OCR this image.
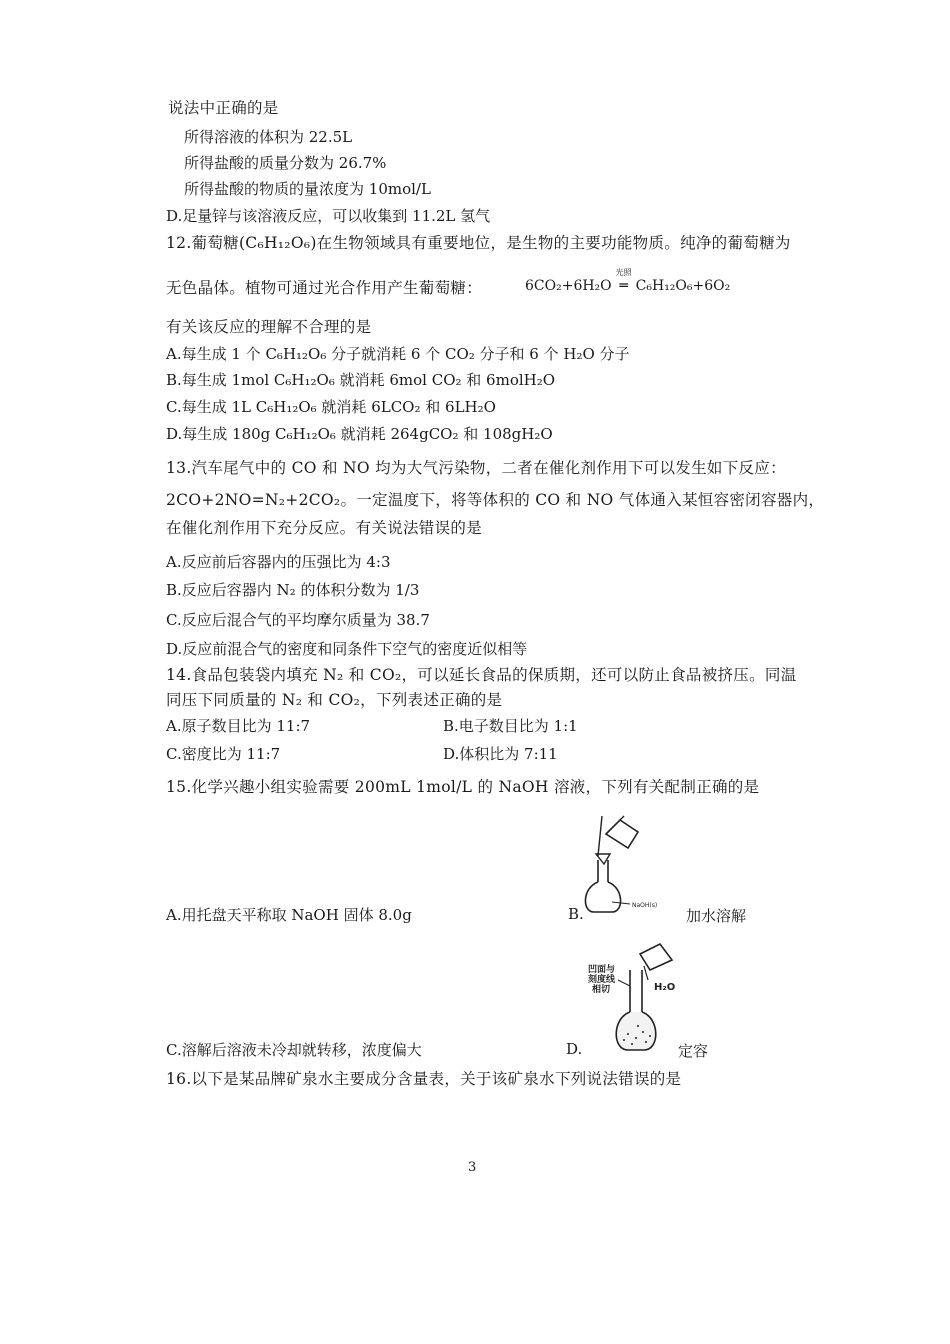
说法中正确的是
所得溶液的体积为 22.5L
所得盐酸的质量分数为 26.7%
所得盐酸的物质的量浓度为 10mol/L
D.足量锌与该溶液反应，可以收集到 11.2L 氢气
12.葡萄糖(C₆H₁₂O₆)在生物领域具有重要地位，是生物的主要功能物质。纯净的葡萄糖为
无色晶体。植物可通过光合作用产生葡萄糖：	6CO₂+6H₂O
光照
═ C₆H₁₂O₆+6O₂
有关该反应的理解不合理的是
A.每生成 1 个 C₆H₁₂O₆ 分子就消耗 6 个 CO₂ 分子和 6 个 H₂O 分子
B.每生成 1mol C₆H₁₂O₆ 就消耗 6mol CO₂ 和 6molH₂O
C.每生成 1L C₆H₁₂O₆ 就消耗 6LCO₂ 和 6LH₂O
D.每生成 180g C₆H₁₂O₆ 就消耗 264gCO₂ 和 108gH₂O
13.汽车尾气中的 CO 和 NO 均为大气污染物，二者在催化剂作用下可以发生如下反应：
2CO+2NO=N₂+2CO₂。一定温度下，将等体积的 CO 和 NO 气体通入某恒容密闭容器内，
在催化剂作用下充分反应。有关说法错误的是
A.反应前后容器内的压强比为 4:3
B.反应后容器内 N₂ 的体积分数为 1/3
C.反应后混合气的平均摩尔质量为 38.7
D.反应前混合气的密度和同条件下空气的密度近似相等
14.食品包装袋内填充 N₂ 和 CO₂，可以延长食品的保质期，还可以防止食品被挤压。同温
同压下同质量的 N₂ 和 CO₂，下列表述正确的是
A.原子数目比为 11:7	B.电子数目比为 1:1
C.密度比为 11:7	D.体积比为 7:11
15.化学兴趣小组实验需要 200mL 1mol/L 的 NaOH 溶液，下列有关配制正确的是
A.用托盘天平称取 NaOH 固体 8.0g	B.	NaOH(s)
加水溶解
C.溶解后溶液未冷却就转移，浓度偏大	D.
凹面与
刻度线
相切	H₂O
定容
16.以下是某品牌矿泉水主要成分含量表，关于该矿泉水下列说法错误的是
3
